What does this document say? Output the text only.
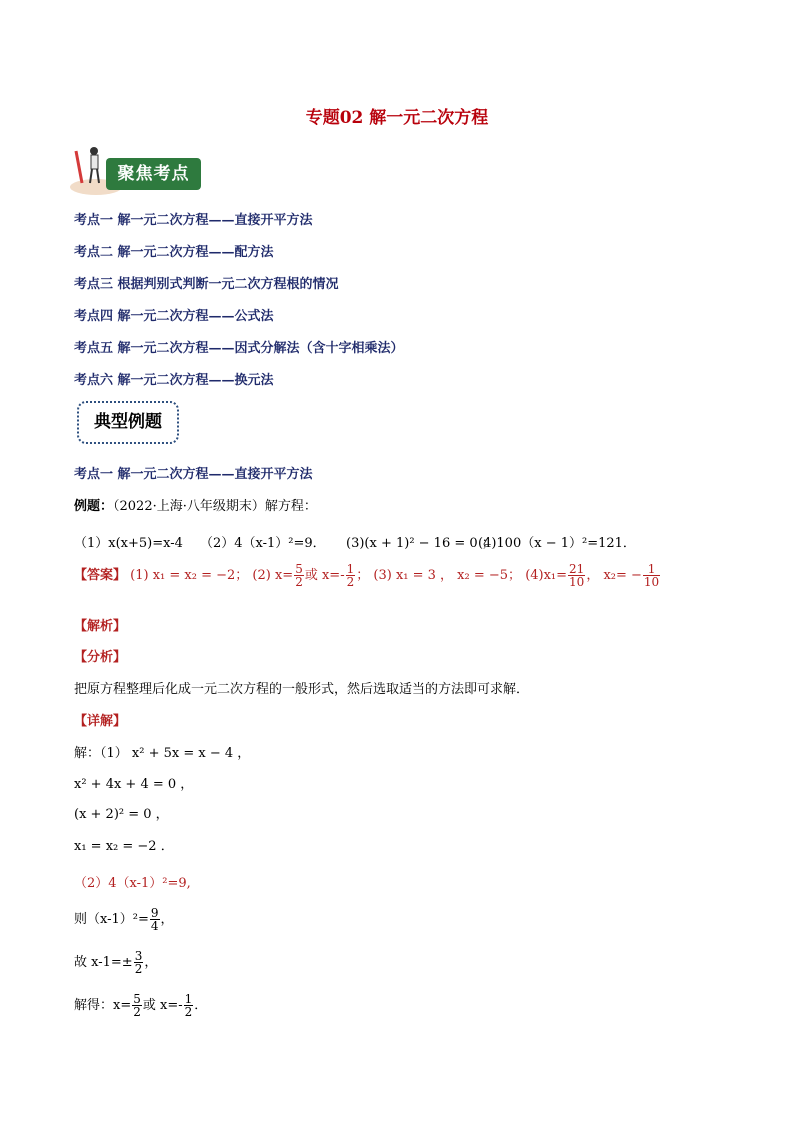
专题02 解一元二次方程
聚焦考点
考点一 解一元二次方程——直接开平方法
考点二 解一元二次方程——配方法
考点三 根据判别式判断一元二次方程根的情况
考点四 解一元二次方程——公式法
考点五 解一元二次方程——因式分解法（含十字相乘法）
考点六 解一元二次方程——换元法
典型例题
考点一 解一元二次方程——直接开平方法
例题：（2022·上海·八年级期末）解方程：
（1）x(x+5)=x-4 （2）4（x-1）²=9． (3)(x + 1)² − 16 = 0 ；
(4)100（x − 1）²=121．
【答案】 (1) x₁ = x₂ = −2； (2) $x= \frac{5}{2}$ 或 $x=- \frac{1}{2}$ ； (3) x₁ = 3 ， x₂ = −5； $(4)x_1= \frac{21}{10}$ ， $x_2= - \frac{1}{10}$
【解析】
【分析】
把原方程整理后化成一元二次方程的一般形式，然后选取适当的方法即可求解．
【详解】
解：（1） x² + 5x = x − 4 ，
x² + 4x + 4 = 0 ，
(x + 2)² = 0 ，
x₁ = x₂ = −2 ．
（2）4（x-1）²=9,
则$(x-1)^2= \frac{9}{4}$ ，
故 $x-1=\pm \frac{3}{2}$ ，
解得：$x= \frac{5}{2}$ 或 $x=- \frac{1}{2}$ ．
